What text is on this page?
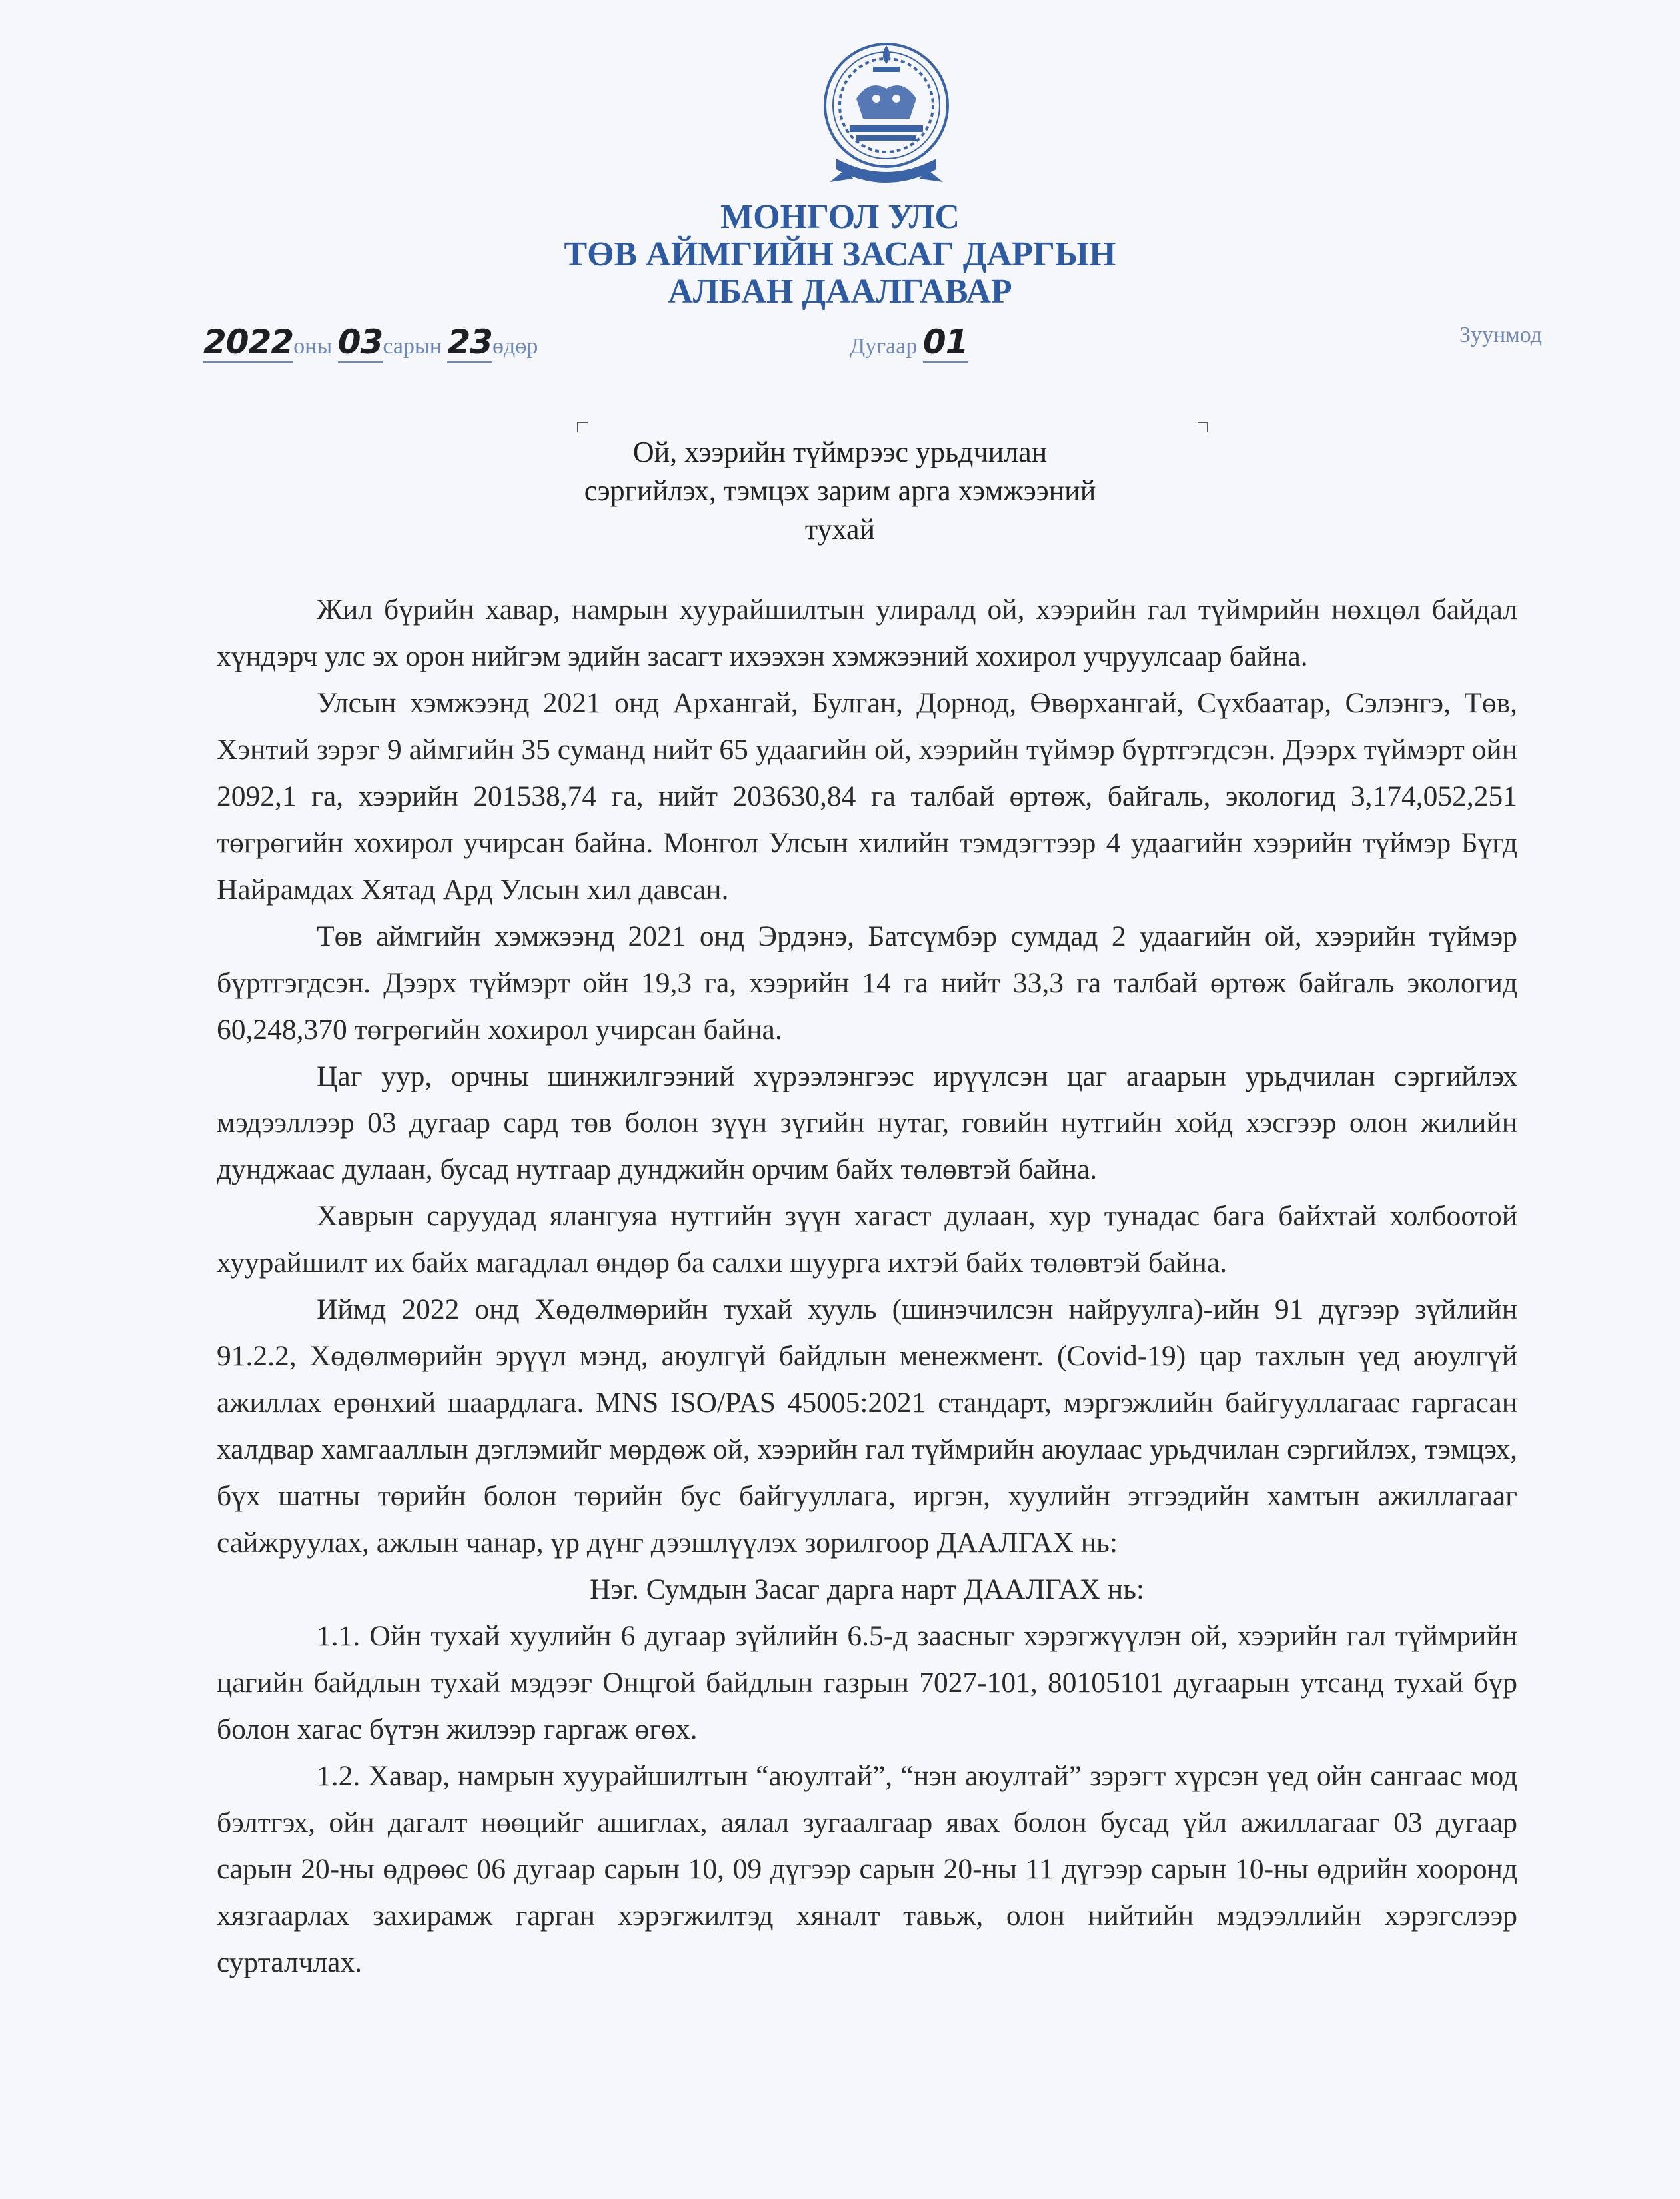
МОНГОЛ УЛС
ТӨВ АЙМГИЙН ЗАСАГ ДАРГЫН
АЛБАН ДААЛГАВАР
2022оны 03сарын 23өдөр	Дугаар 01	Зуунмод
Ой, хээрийн түймрээс урьдчилан
сэргийлэх, тэмцэх зарим арга хэмжээний
тухай

Жил бүрийн хавар, намрын хуурайшилтын улиралд ой, хээрийн гал түймрийн нөхцөл байдал хүндэрч улс эх орон нийгэм эдийн засагт ихээхэн хэмжээний хохирол учруулсаар байна.

Улсын хэмжээнд 2021 онд Архангай, Булган, Дорнод, Өвөрхангай, Сүхбаатар, Сэлэнгэ, Төв, Хэнтий зэрэг 9 аймгийн 35 суманд нийт 65 удаагийн ой, хээрийн түймэр бүртгэгдсэн. Дээрх түймэрт ойн 2092,1 га, хээрийн 201538,74 га, нийт 203630,84 га талбай өртөж, байгаль, экологид 3,174,052,251 төгрөгийн хохирол учирсан байна. Монгол Улсын хилийн тэмдэгтээр 4 удаагийн хээрийн түймэр Бүгд Найрамдах Хятад Ард Улсын хил давсан.

Төв аймгийн хэмжээнд 2021 онд Эрдэнэ, Батсүмбэр сумдад 2 удаагийн ой, хээрийн түймэр бүртгэгдсэн. Дээрх түймэрт ойн 19,3 га, хээрийн 14 га нийт 33,3 га талбай өртөж байгаль экологид 60,248,370 төгрөгийн хохирол учирсан байна.

Цаг уур, орчны шинжилгээний хүрээлэнгээс ирүүлсэн цаг агаарын урьдчилан сэргийлэх мэдээллээр 03 дугаар сард төв болон зүүн зүгийн нутаг, говийн нутгийн хойд хэсгээр олон жилийн дунджаас дулаан, бусад нутгаар дунджийн орчим байх төлөвтэй байна.

Хаврын саруудад ялангуяа нутгийн зүүн хагаст дулаан, хур тунадас бага байхтай холбоотой хуурайшилт их байх магадлал өндөр ба салхи шуурга ихтэй байх төлөвтэй байна.

Иймд 2022 онд Хөдөлмөрийн тухай хууль (шинэчилсэн найруулга)-ийн 91 дүгээр зүйлийн 91.2.2, Хөдөлмөрийн эрүүл мэнд, аюулгүй байдлын менежмент. (Covid-19) цар тахлын үед аюулгүй ажиллах ерөнхий шаардлага. MNS ISO/PAS 45005:2021 стандарт, мэргэжлийн байгууллагаас гаргасан халдвар хамгааллын дэглэмийг мөрдөж ой, хээрийн гал түймрийн аюулаас урьдчилан сэргийлэх, тэмцэх, бүх шатны төрийн болон төрийн бус байгууллага, иргэн, хуулийн этгээдийн хамтын ажиллагааг сайжруулах, ажлын чанар, үр дүнг дээшлүүлэх зорилгоор ДААЛГАХ нь:

Нэг. Сумдын Засаг дарга нарт ДААЛГАХ нь:

1.1. Ойн тухай хуулийн 6 дугаар зүйлийн 6.5-д заасныг хэрэгжүүлэн ой, хээрийн гал түймрийн цагийн байдлын тухай мэдээг Онцгой байдлын газрын 7027-101, 80105101 дугаарын утсанд тухай бүр болон хагас бүтэн жилээр гаргаж өгөх.

1.2. Хавар, намрын хуурайшилтын “аюултай”, “нэн аюултай” зэрэгт хүрсэн үед ойн сангаас мод бэлтгэх, ойн дагалт нөөцийг ашиглах, аялал зугаалгаар явах болон бусад үйл ажиллагааг 03 дугаар сарын 20-ны өдрөөс 06 дугаар сарын 10, 09 дүгээр сарын 20-ны 11 дүгээр сарын 10-ны өдрийн хооронд хязгаарлах захирамж гарган хэрэгжилтэд хяналт тавьж, олон нийтийн мэдээллийн хэрэгслээр сурталчлах.
